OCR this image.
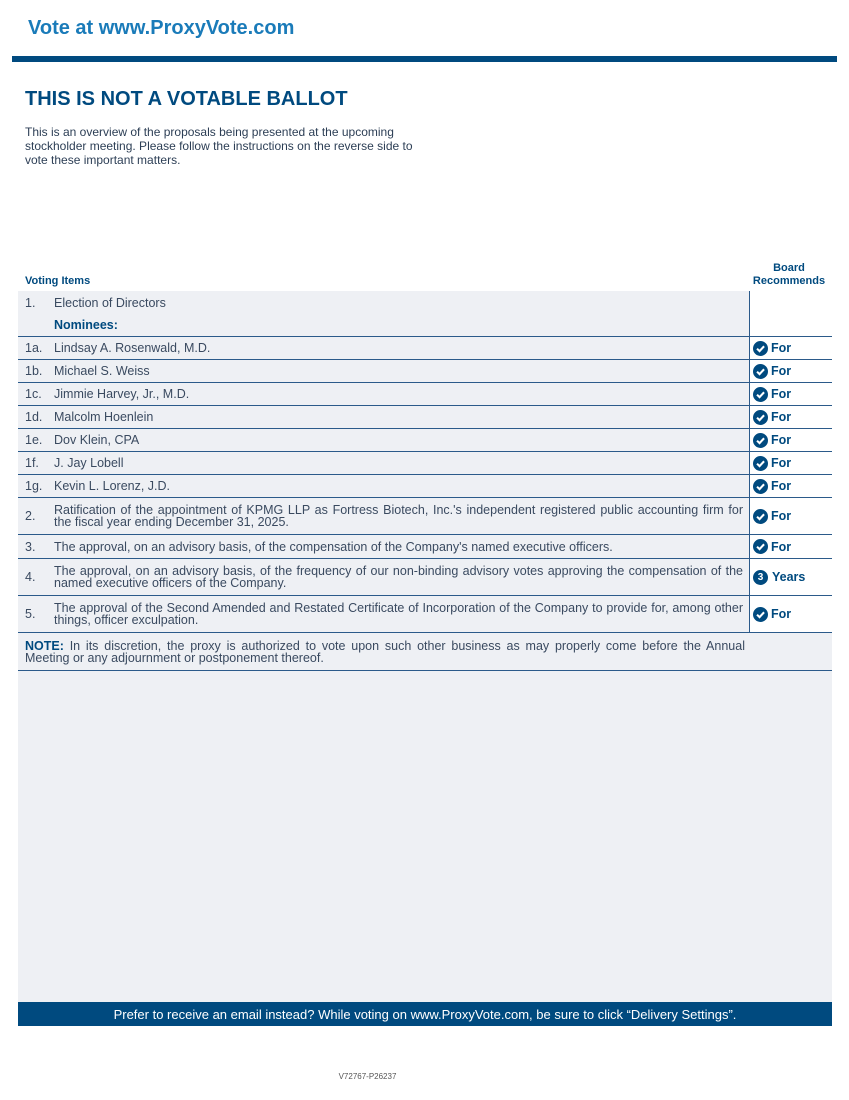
Vote at www.ProxyVote.com
THIS IS NOT A VOTABLE BALLOT
This is an overview of the proposals being presented at the upcoming stockholder meeting. Please follow the instructions on the reverse side to vote these important matters.
Voting Items
Board
Recommends
1.	Election of Directors
Nominees:
1a. Lindsay A. Rosenwald, M.D.	For
1b. Michael S. Weiss	For
1c. Jimmie Harvey, Jr., M.D.	For
1d. Malcolm Hoenlein	For
1e. Dov Klein, CPA	For
1f.	J. Jay Lobell	For
1g. Kevin L. Lorenz, J.D.	For
2.	Ratification of the appointment of KPMG LLP as Fortress Biotech, Inc.'s independent registered public accounting firm for the fiscal year ending December 31, 2025.	For
3.	The approval, on an advisory basis, of the compensation of the Company's named executive officers.	For
4.	The approval, on an advisory basis, of the frequency of our non-binding advisory votes approving the compensation of the named executive officers of the Company.	3 Years
5.	The approval of the Second Amended and Restated Certificate of Incorporation of the Company to provide for, among other things, officer exculpation.	For
NOTE: In its discretion, the proxy is authorized to vote upon such other business as may properly come before the Annual Meeting or any adjournment or postponement thereof.
Prefer to receive an email instead? While voting on www.ProxyVote.com, be sure to click “Delivery Settings”.
V72767-P26237
